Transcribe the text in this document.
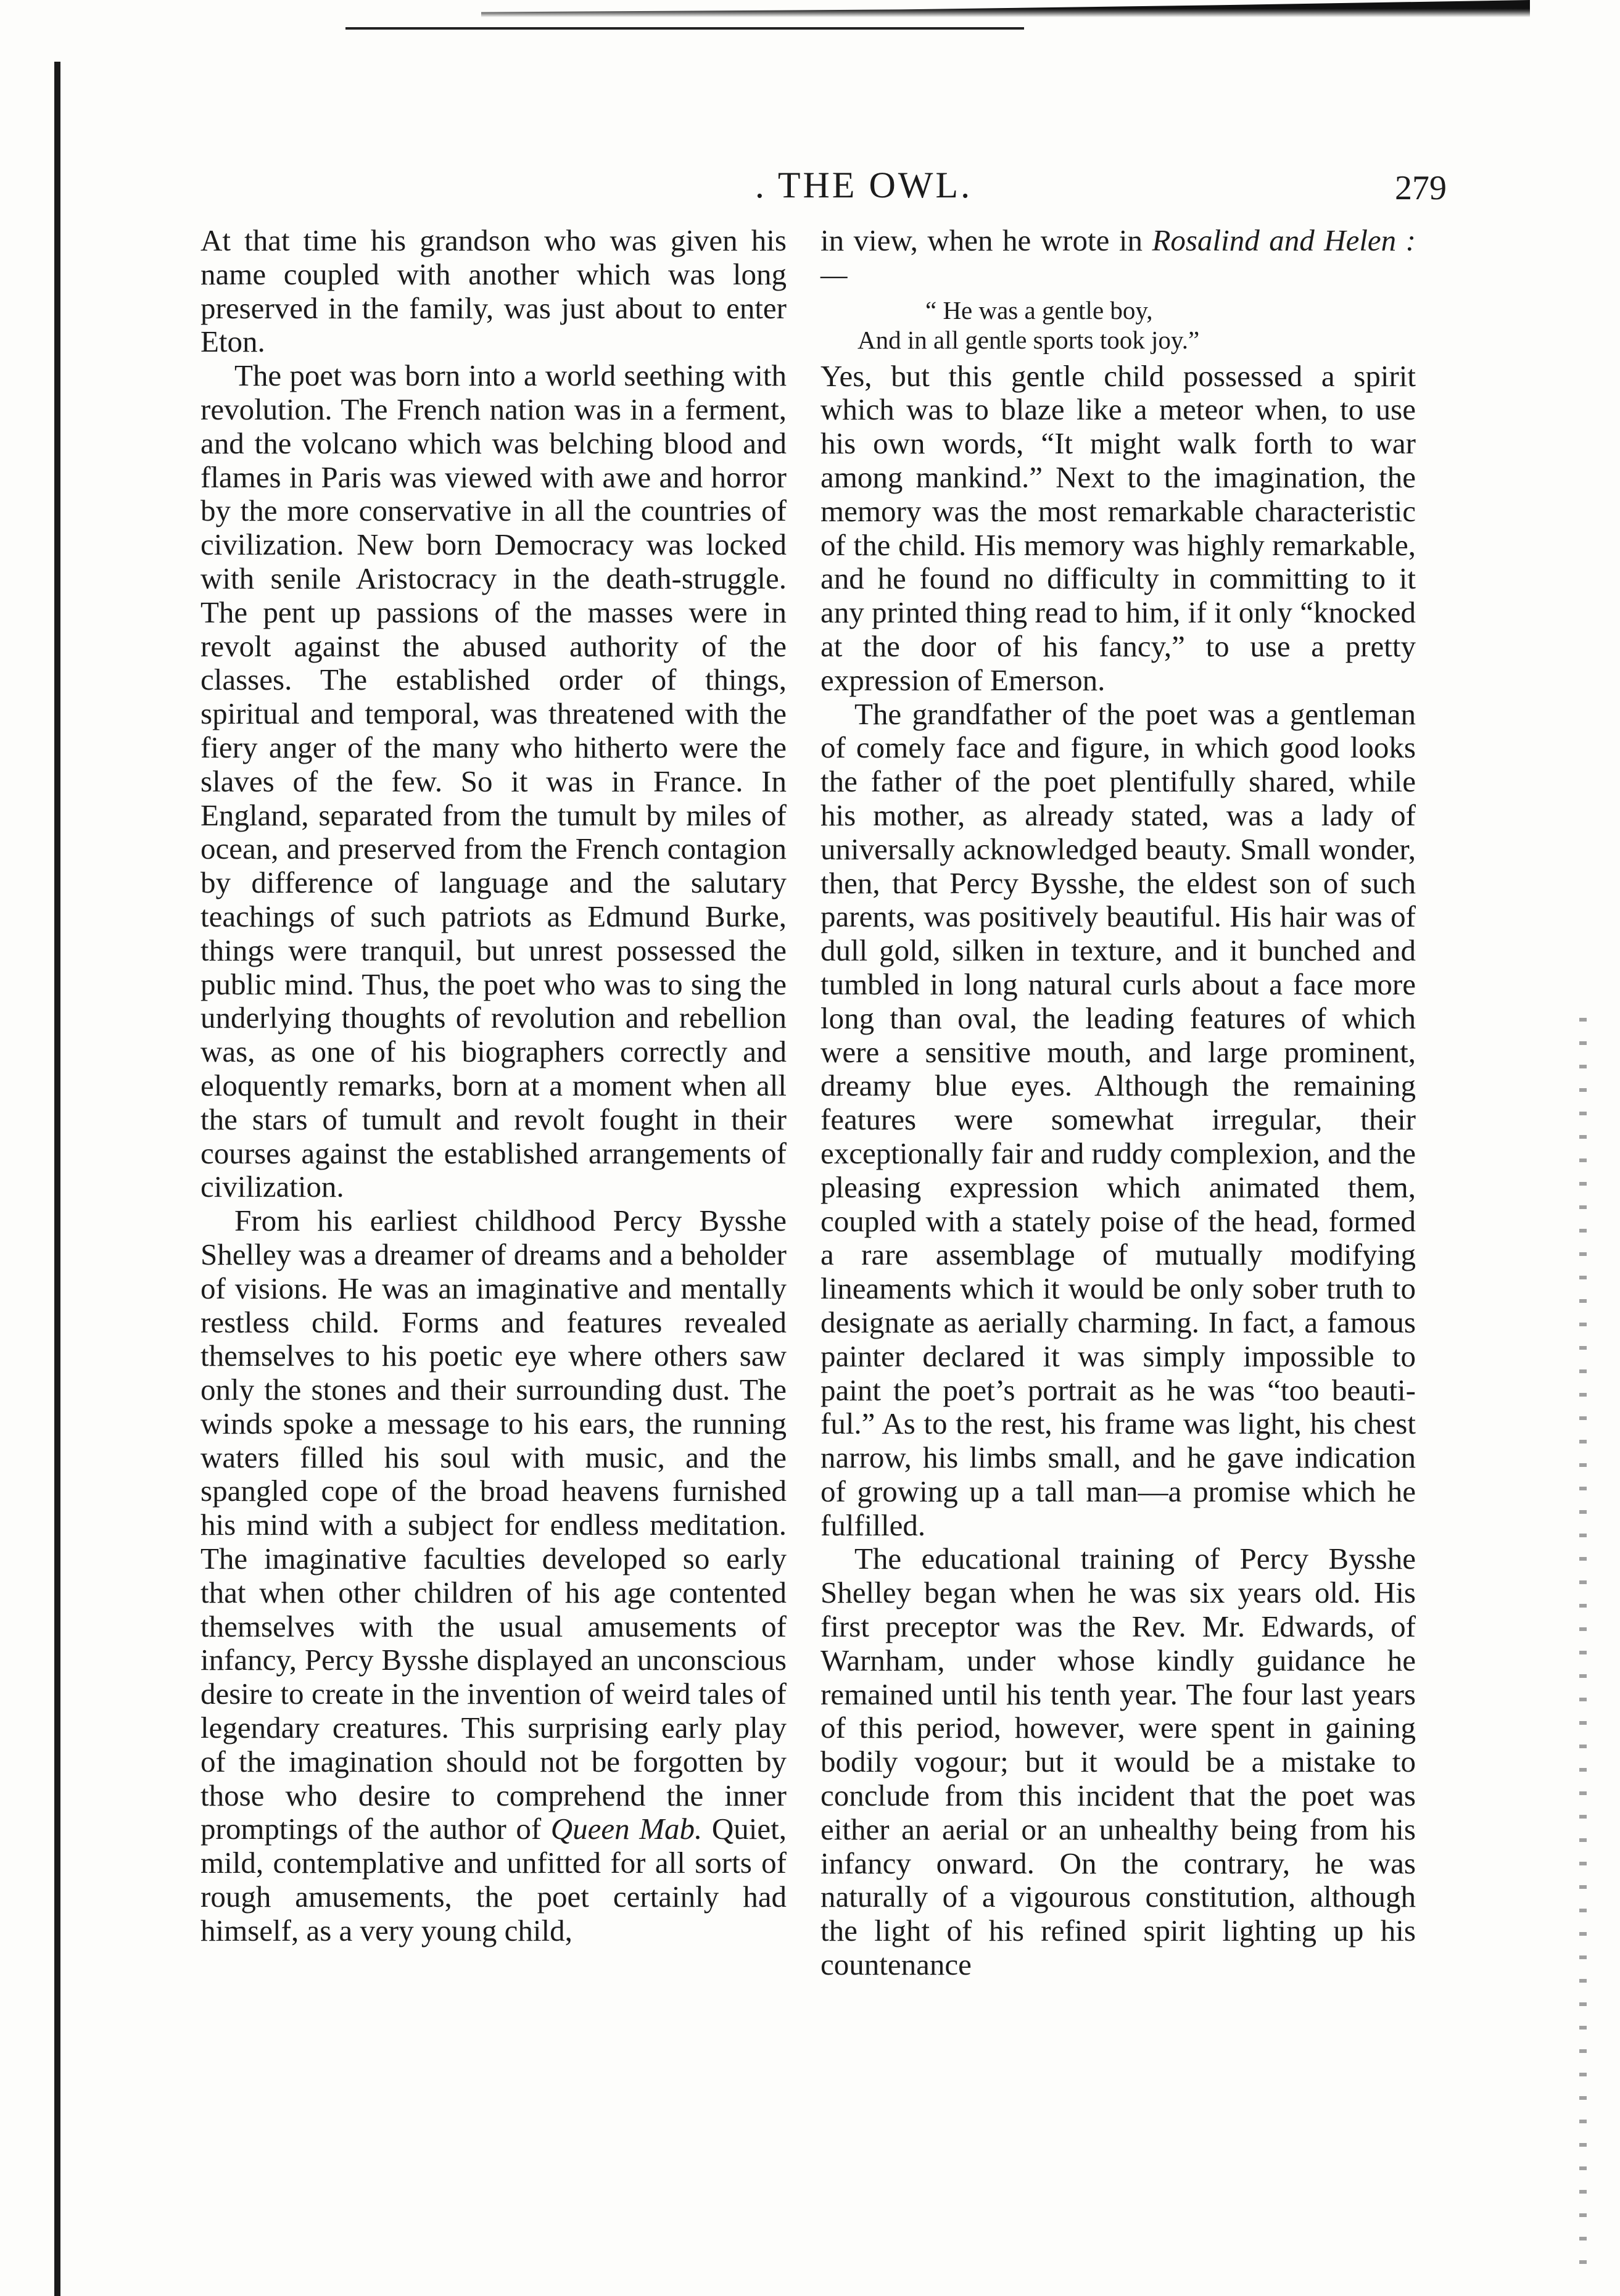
. THE OWL.	279

At that time his grandson who was given his name coupled with another which was long preserved in the family, was just about to enter Eton.

The poet was born into a world seething with revolution. The French nation was in a ferment, and the volcano which was belching blood and flames in Paris was viewed with awe and horror by the more conservative in all the countries of civilization. New born Democracy was locked with senile Aristocracy in the death-struggle. The pent up passions of the masses were in revolt against the abused authority of the classes. The established order of things, spiritual and temporal, was threatened with the fiery anger of the many who hitherto were the slaves of the few. So it was in France. In England, separated from the tumult by miles of ocean, and preserved from the French contagion by difference of language and the salutary teachings of such patriots as Edmund Burke, things were tranquil, but unrest possessed the public mind. Thus, the poet who was to sing the underlying thoughts of revolution and rebellion was, as one of his biographers correctly and eloquently remarks, born at a moment when all the stars of tumult and revolt fought in their courses against the established arrangements of civilization.

From his earliest childhood Percy Bysshe Shelley was a dreamer of dreams and a beholder of visions. He was an imaginative and mentally restless child. Forms and features revealed themselves to his poetic eye where others saw only the stones and their surrounding dust. The winds spoke a message to his ears, the running waters filled his soul with music, and the spangled cope of the broad heavens furnished his mind with a subject for endless meditation. The imaginative faculties developed so early that when other children of his age contented themselves with the usual amusements of infancy, Percy Bysshe displayed an unconscious desire to create in the invention of weird tales of legendary creatures. This surprising early play of the imagination should not be forgotten by those who desire to comprehend the inner promptings of the author of Queen Mab. Quiet, mild, contemplative and unfitted for all sorts of rough amusements, the poet certainly had himself, as a very young child,

in view, when he wrote in Rosalind and Helen :—

“ He was a gentle boy,
And in all gentle sports took joy.”

Yes, but this gentle child possessed a spirit which was to blaze like a meteor when, to use his own words, “It might walk forth to war among mankind.” Next to the imagination, the memory was the most remarkable characteristic of the child. His memory was highly remarkable, and he found no difficulty in committing to it any printed thing read to him, if it only “knocked at the door of his fancy,” to use a pretty expression of Emerson.

The grandfather of the poet was a gentleman of comely face and figure, in which good looks the father of the poet plentifully shared, while his mother, as already stated, was a lady of universally acknowledged beauty. Small wonder, then, that Percy Bysshe, the eldest son of such parents, was positively beautiful. His hair was of dull gold, silken in texture, and it bunched and tumbled in long natural curls about a face more long than oval, the leading features of which were a sensitive mouth, and large prominent, dreamy blue eyes. Although the remaining features were somewhat irregular, their exceptionally fair and ruddy complexion, and the pleasing expression which animated them, coupled with a stately poise of the head, formed a rare assemblage of mutually modifying lineaments which it would be only sober truth to designate as aerially charming. In fact, a famous painter declared it was simply impossible to paint the poet’s portrait as he was “too beautiful.” As to the rest, his frame was light, his chest narrow, his limbs small, and he gave indication of growing up a tall man—a promise which he fulfilled.

The educational training of Percy Bysshe Shelley began when he was six years old. His first preceptor was the Rev. Mr. Edwards, of Warnham, under whose kindly guidance he remained until his tenth year. The four last years of this period, however, were spent in gaining bodily vogour; but it would be a mistake to conclude from this incident that the poet was either an aerial or an unhealthy being from his infancy onward. On the contrary, he was naturally of a vigourous constitution, although the light of his refined spirit lighting up his countenance
